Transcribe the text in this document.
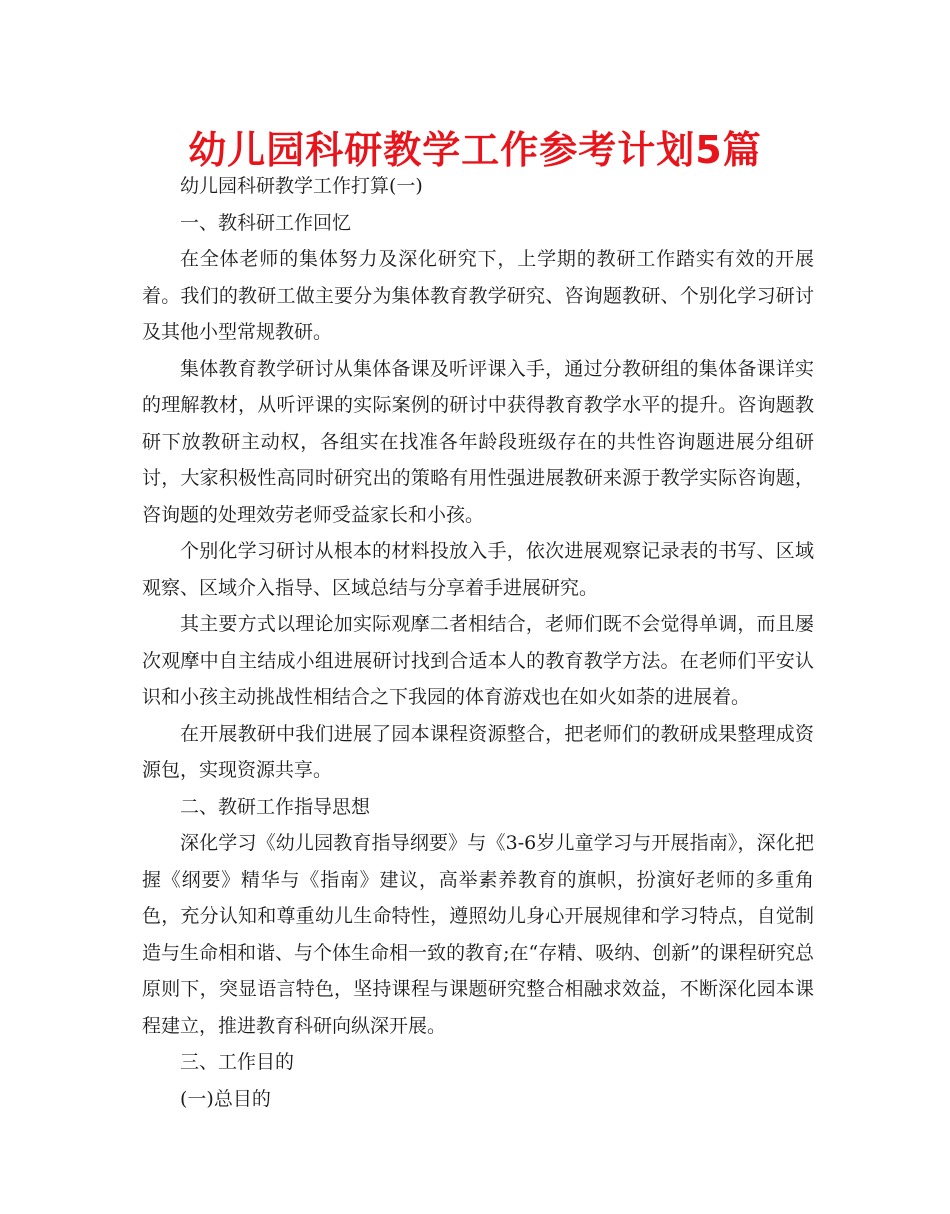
幼儿园科研教学工作参考计划5篇

幼儿园科研教学工作打算(一)

一、教科研工作回忆

在全体老师的集体努力及深化研究下，上学期的教研工作踏实有效的开展着。我们的教研工做主要分为集体教育教学研究、咨询题教研、个别化学习研讨及其他小型常规教研。

集体教育教学研讨从集体备课及听评课入手，通过分教研组的集体备课详实的理解教材，从听评课的实际案例的研讨中获得教育教学水平的提升。咨询题教研下放教研主动权，各组实在找准各年龄段班级存在的共性咨询题进展分组研讨，大家积极性高同时研究出的策略有用性强进展教研来源于教学实际咨询题，咨询题的处理效劳老师受益家长和小孩。

个别化学习研讨从根本的材料投放入手，依次进展观察记录表的书写、区域观察、区域介入指导、区域总结与分享着手进展研究。

其主要方式以理论加实际观摩二者相结合，老师们既不会觉得单调，而且屡次观摩中自主结成小组进展研讨找到合适本人的教育教学方法。在老师们平安认识和小孩主动挑战性相结合之下我园的体育游戏也在如火如荼的进展着。

在开展教研中我们进展了园本课程资源整合，把老师们的教研成果整理成资源包，实现资源共享。

二、教研工作指导思想

深化学习《幼儿园教育指导纲要》与《3-6岁儿童学习与开展指南》，深化把握《纲要》精华与《指南》建议，高举素养教育的旗帜，扮演好老师的多重角色，充分认知和尊重幼儿生命特性，遵照幼儿身心开展规律和学习特点，自觉制造与生命相和谐、与个体生命相一致的教育;在“存精、吸纳、创新”的课程研究总原则下，突显语言特色，坚持课程与课题研究整合相融求效益，不断深化园本课程建立，推进教育科研向纵深开展。

三、工作目的

(一)总目的
